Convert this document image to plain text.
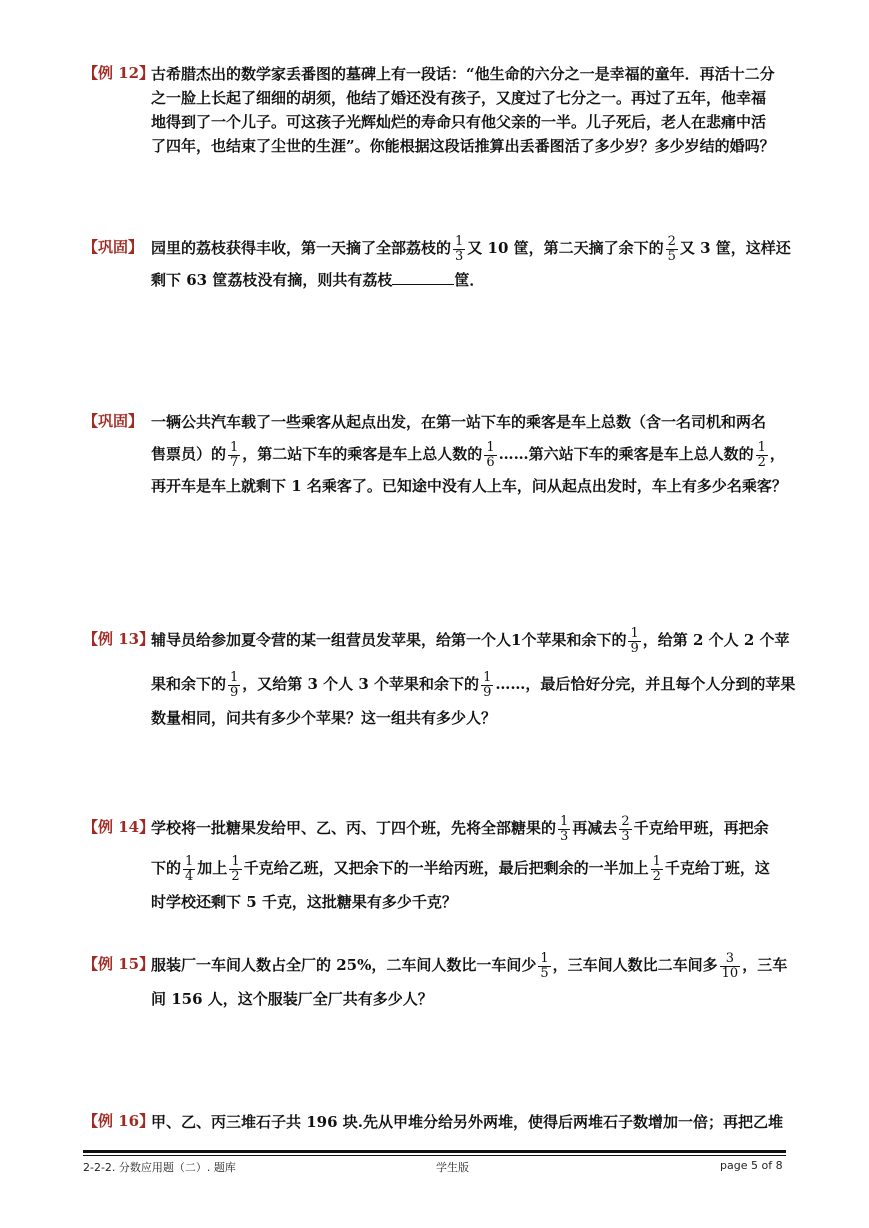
【例 12】
古希腊杰出的数学家丢番图的墓碑上有一段话：“他生命的六分之一是幸福的童年．再活十二分
之一脸上长起了细细的胡须，他结了婚还没有孩子，又度过了七分之一。再过了五年，他幸福
地得到了一个儿子。可这孩子光辉灿烂的寿命只有他父亲的一半。儿子死后，老人在悲痛中活
了四年，也结束了尘世的生涯”。你能根据这段话推算出丢番图活了多少岁？多少岁结的婚吗？
【巩固】 园里的荔枝获得丰收，第一天摘了全部荔枝的 $\frac{1}{3}$ 又 10 筐，第二天摘了余下的 $\frac{2}{5}$ 又 3 筐，这样还
剩下 63 筐荔枝没有摘，则共有荔枝	筐．
【巩固】 一辆公共汽车载了一些乘客从起点出发，在第一站下车的乘客是车上总数（含一名司机和两名
售票员）的 $\frac{1}{7}$ ，第二站下车的乘客是车上总人数的 $\frac{1}{6}$ ……第六站下车的乘客是车上总人数的 $\frac{1}{2}$ ，
再开车是车上就剩下 1 名乘客了。已知途中没有人上车，问从起点出发时，车上有多少名乘客？
【例 13】
辅导员给参加夏令营的某一组营员发苹果，给第一个人1个苹果和余下的 $\frac{1}{9}$ ，给第 2 个人 2 个苹
果和余下的 $\frac{1}{9}$ ，又给第 3 个人 3 个苹果和余下的 $\frac{1}{9}$ ……，最后恰好分完，并且每个人分到的苹果
数量相同，问共有多少个苹果？这一组共有多少人？
【例 14】
学校将一批糖果发给甲、乙、丙、丁四个班，先将全部糖果的 $\frac{1}{3}$ 再减去 $\frac{2}{3}$ 千克给甲班，再把余
下的 $\frac{1}{4}$ 加上 $\frac{1}{2}$ 千克给乙班，又把余下的一半给丙班，最后把剩余的一半加上 $\frac{1}{2}$ 千克给丁班，这
时学校还剩下 5 千克，这批糖果有多少千克？
【例 15】
服装厂一车间人数占全厂的 25%，二车间人数比一车间少 $\frac{1}{5}$ ，三车间人数比二车间多 $\frac{3}{10}$ ，三车
间 156 人，这个服装厂全厂共有多少人？
【例 16】
甲、乙、丙三堆石子共 196 块.先从甲堆分给另外两堆，使得后两堆石子数增加一倍；再把乙堆
2-2-2. 分数应用题（二）. 题库	学生版	page 5 of 8
